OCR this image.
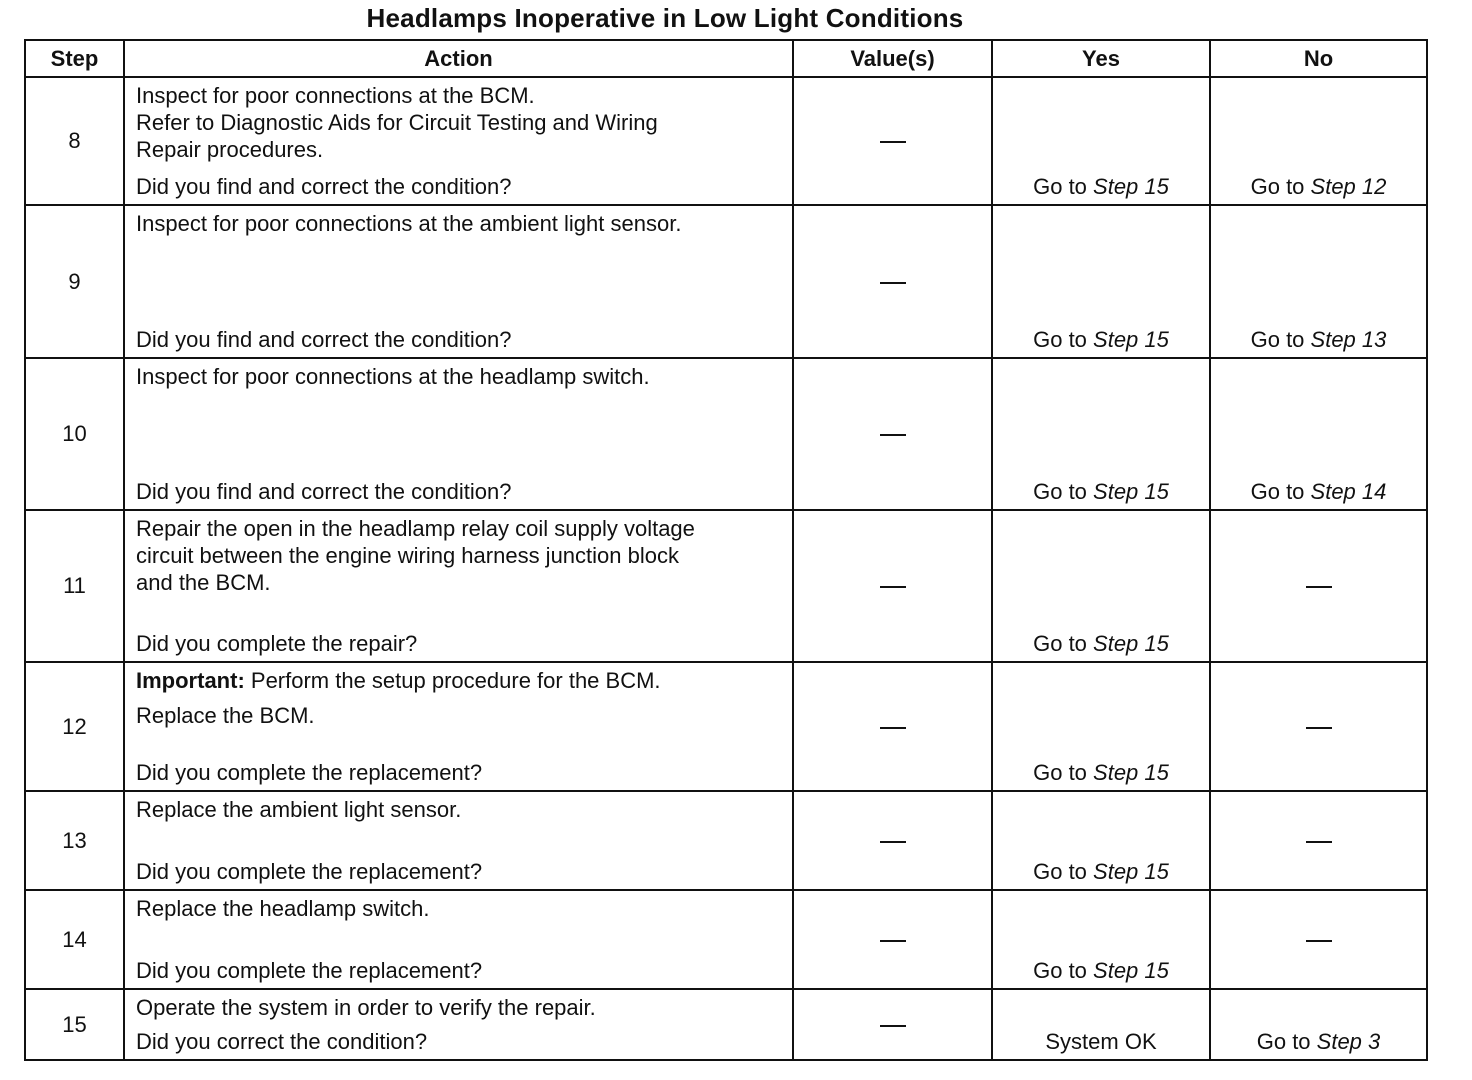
Headlamps Inoperative in Low Light Conditions
Step	Action	Value(s)	Yes	No
8	Inspect for poor connections at the BCM.
Refer to Diagnostic Aids for Circuit Testing and Wiring
Repair procedures.
Did you find and correct the condition?		Go to Step 15	Go to Step 12
9	Inspect for poor connections at the ambient light sensor.
Did you find and correct the condition?		Go to Step 15	Go to Step 13
10	Inspect for poor connections at the headlamp switch.
Did you find and correct the condition?		Go to Step 15	Go to Step 14
11	Repair the open in the headlamp relay coil supply voltage
circuit between the engine wiring harness junction block
and the BCM.
Did you complete the repair?		Go to Step 15	
12	Important: Perform the setup procedure for the BCM.
Replace the BCM.
Did you complete the replacement?		Go to Step 15	
13	Replace the ambient light sensor.
Did you complete the replacement?		Go to Step 15	
14	Replace the headlamp switch.
Did you complete the replacement?		Go to Step 15	
15	Operate the system in order to verify the repair.
Did you correct the condition?		System OK	Go to Step 3
